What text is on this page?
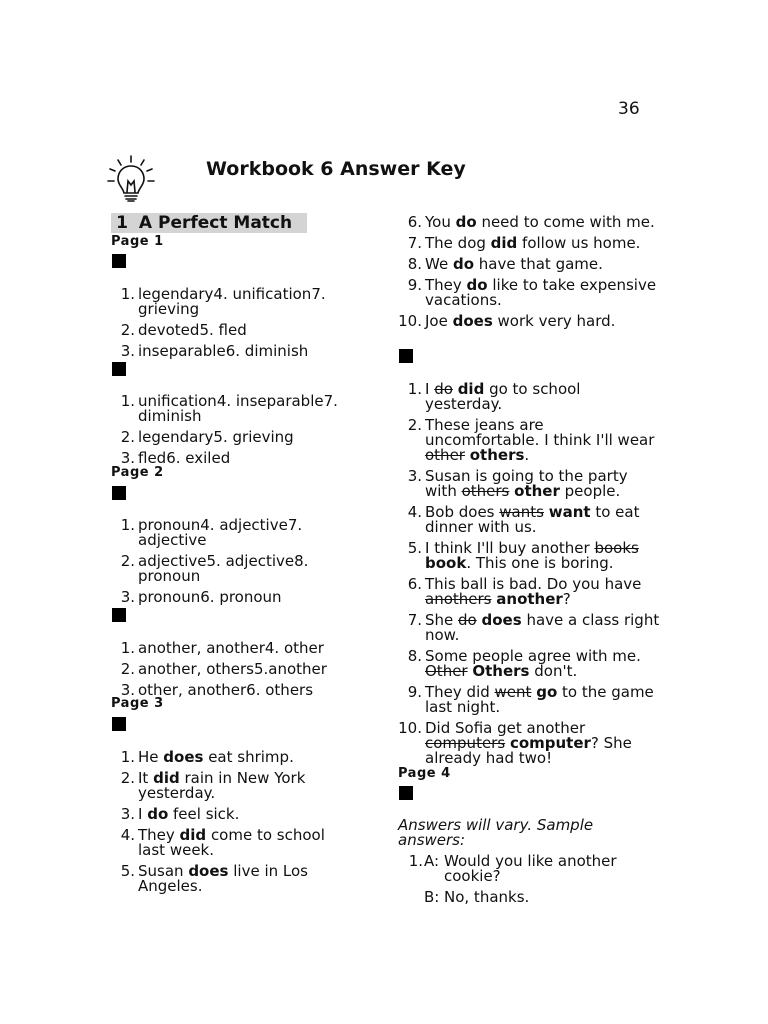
36
Workbook 6 Answer Key
1 A Perfect Match
Page 1
1. legendary4. unification7. grieving
2. devoted5. fled
3. inseparable6. diminish
1. unification4. inseparable7. diminish
2. legendary5. grieving
3. fled6. exiled
Page 2
1. pronoun4. adjective7. adjective
2. adjective5. adjective8. pronoun
3. pronoun6. pronoun
1. another, another4. other
2. another, others5.another
3. other, another6. others
Page 3
1. He does eat shrimp.
2. It did rain in New York yesterday.
3. I do feel sick.
4. They did come to school last week.
5. Susan does live in Los Angeles.
6. You do need to come with me.
7. The dog did follow us home.
8. We do have that game.
9. They do like to take expensive vacations.
10. Joe does work very hard.
1. I do did go to school yesterday.
2. These jeans are uncomfortable. I think I'll wear other others.
3. Susan is going to the party with others other people.
4. Bob does wants want to eat dinner with us.
5. I think I'll buy another books book. This one is boring.
6. This ball is bad. Do you have anothers another?
7. She do does have a class right now.
8. Some people agree with me. Other Others don't.
9. They did went go to the game last night.
10. Did Sofia get another computers computer? She already had two!
Page 4
Answers will vary. Sample answers:
1. A: Would you like another cookie?
B: No, thanks.
